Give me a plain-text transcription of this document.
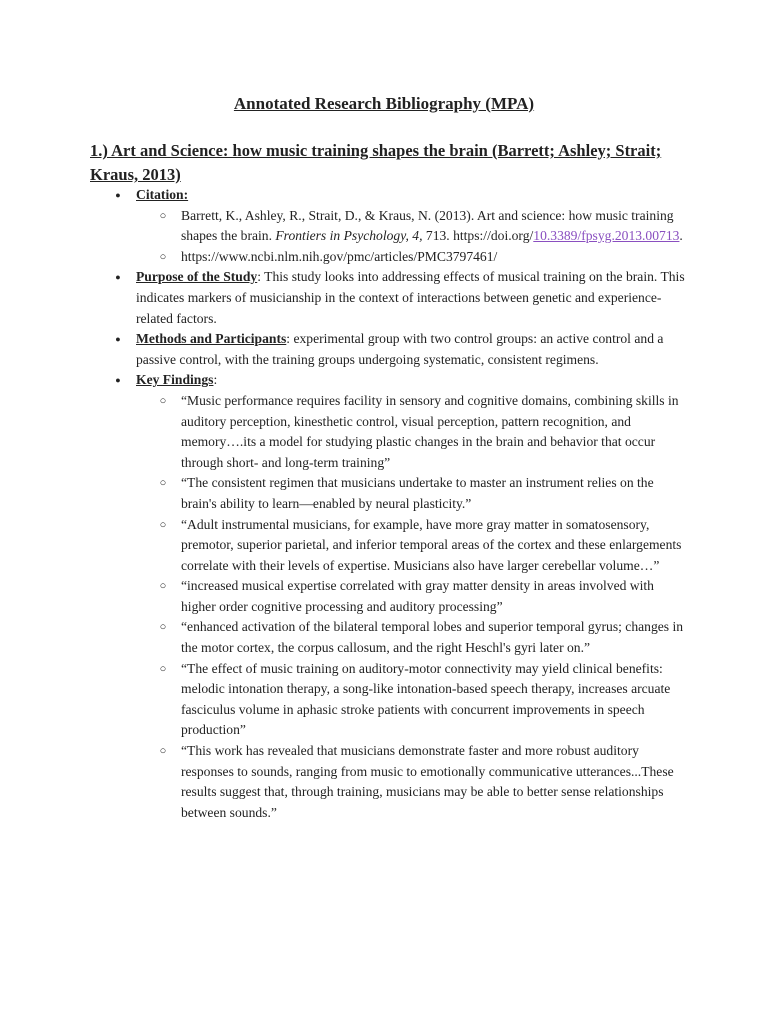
Annotated Research Bibliography (MPA)
1.) Art and Science: how music training shapes the brain (Barrett; Ashley; Strait; Kraus, 2013)
● Citation:
○ Barrett, K., Ashley, R., Strait, D., & Kraus, N. (2013). Art and science: how music training shapes the brain. Frontiers in Psychology, 4, 713. https://doi.org/10.3389/fpsyg.2013.00713.
○ https://www.ncbi.nlm.nih.gov/pmc/articles/PMC3797461/
● Purpose of the Study: This study looks into addressing effects of musical training on the brain. This indicates markers of musicianship in the context of interactions between genetic and experience-related factors.
● Methods and Participants: experimental group with two control groups: an active control and a passive control, with the training groups undergoing systematic, consistent regimens.
● Key Findings:
○ “Music performance requires facility in sensory and cognitive domains, combining skills in auditory perception, kinesthetic control, visual perception, pattern recognition, and memory….its a model for studying plastic changes in the brain and behavior that occur through short- and long-term training”
○ “The consistent regimen that musicians undertake to master an instrument relies on the brain's ability to learn—enabled by neural plasticity.”
○ “Adult instrumental musicians, for example, have more gray matter in somatosensory, premotor, superior parietal, and inferior temporal areas of the cortex and these enlargements correlate with their levels of expertise. Musicians also have larger cerebellar volume…”
○ “increased musical expertise correlated with gray matter density in areas involved with higher order cognitive processing and auditory processing”
○ “enhanced activation of the bilateral temporal lobes and superior temporal gyrus; changes in the motor cortex, the corpus callosum, and the right Heschl's gyri later on.”
○ “The effect of music training on auditory-motor connectivity may yield clinical benefits: melodic intonation therapy, a song-like intonation-based speech therapy, increases arcuate fasciculus volume in aphasic stroke patients with concurrent improvements in speech production”
○ “This work has revealed that musicians demonstrate faster and more robust auditory responses to sounds, ranging from music to emotionally communicative utterances...These results suggest that, through training, musicians may be able to better sense relationships between sounds.”
